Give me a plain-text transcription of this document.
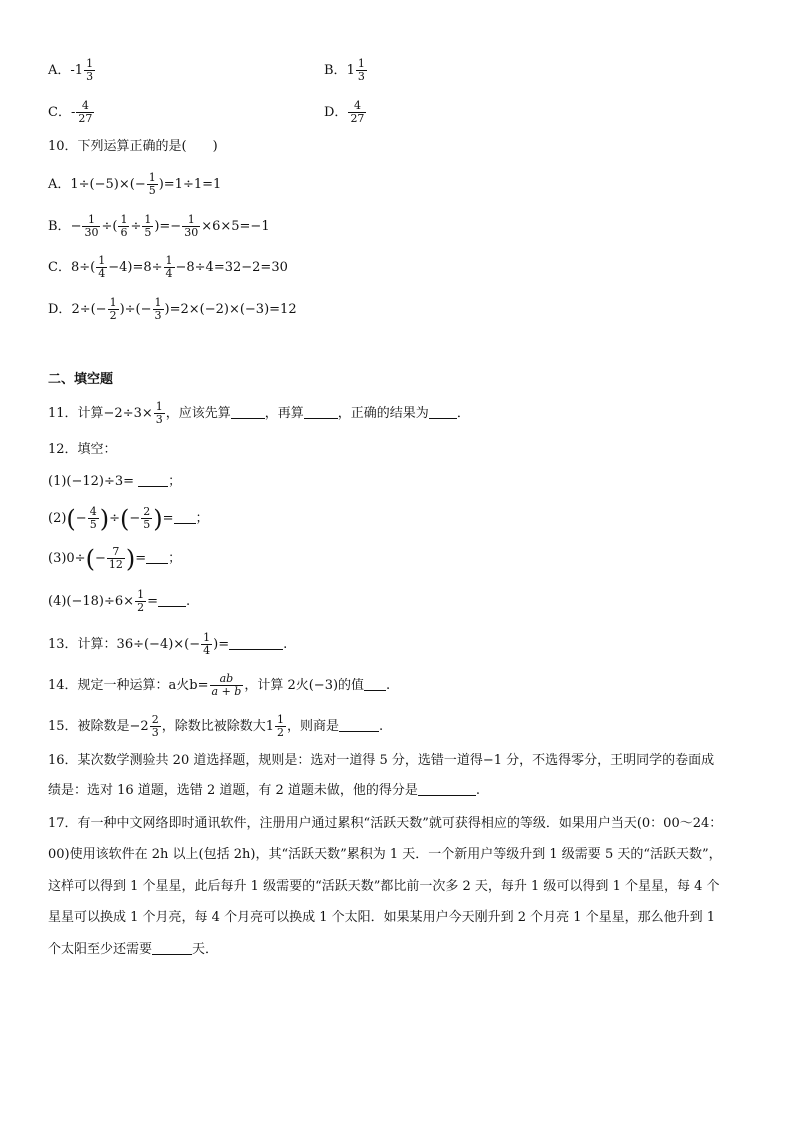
A．$-1 \frac{1}{3}$	B．$1 \frac{1}{3}$
C．- $\frac{4}{27}$	D． $\frac{4}{27}$
10．下列运算正确的是(　　)
A．$1\div(-5)\times(- \frac{1}{5} )=1\div 1=1$
B．− $\frac{1}{30}$ ÷( $\frac{1}{6} \div \frac{1}{5}$ )=− $\frac{1}{30} \times 6\times 5=-1$
C．$8\div( \frac{1}{4} -4)=8\div \frac{1}{4} -8\div 4=32-2=30$
D．$2\div(- \frac{1}{2}$ )÷(− $\frac{1}{3} )=2\times(-2)\times(-3)=12$
二、填空题
11．计算$-2\div 3\times \frac{1}{3}$ ，应该先算	，再算	，正确的结果为 ．
12．填空：
(1)(−12)÷3=	；
$(2)(- \frac{4}{5}$ )÷(− $\frac{2}{5}$ )= ；
$(3)0\div(- \frac{7}{12}$ )= ；
$(4)(-18)\div 6\times \frac{1}{2}$ = .
13．计算：$36\div(-4)\times(- \frac{1}{4}$ )=	.
14．规定一种运算：a火$b= \frac{ab}{a + b}$ ，计算 2火(−3)的值 .
15．被除数是$-2 \frac{2}{3}$ ，除数比被除数大$1 \frac{1}{2}$ ，则商是	.
16．某次数学测验共 20 道选择题，规则是：选对一道得 5 分，选错一道得−1 分，不选得零分，王明同学的卷面成
绩是：选对 16 道题，选错 2 道题，有 2 道题未做，他的得分是	.
17．有一种中文网络即时通讯软件，注册用户通过累积“活跃天数”就可获得相应的等级．如果用户当天(0：00～24：
00)使用该软件在 2h 以上(包括 2h)，其“活跃天数”累积为 1 天．一个新用户等级升到 1 级需要 5 天的“活跃天数”，
这样可以得到 1 个星星，此后每升 1 级需要的“活跃天数”都比前一次多 2 天，每升 1 级可以得到 1 个星星，每 4 个
星星可以换成 1 个月亮，每 4 个月亮可以换成 1 个太阳．如果某用户今天刚升到 2 个月亮 1 个星星，那么他升到 1
个太阳至少还需要	天．
